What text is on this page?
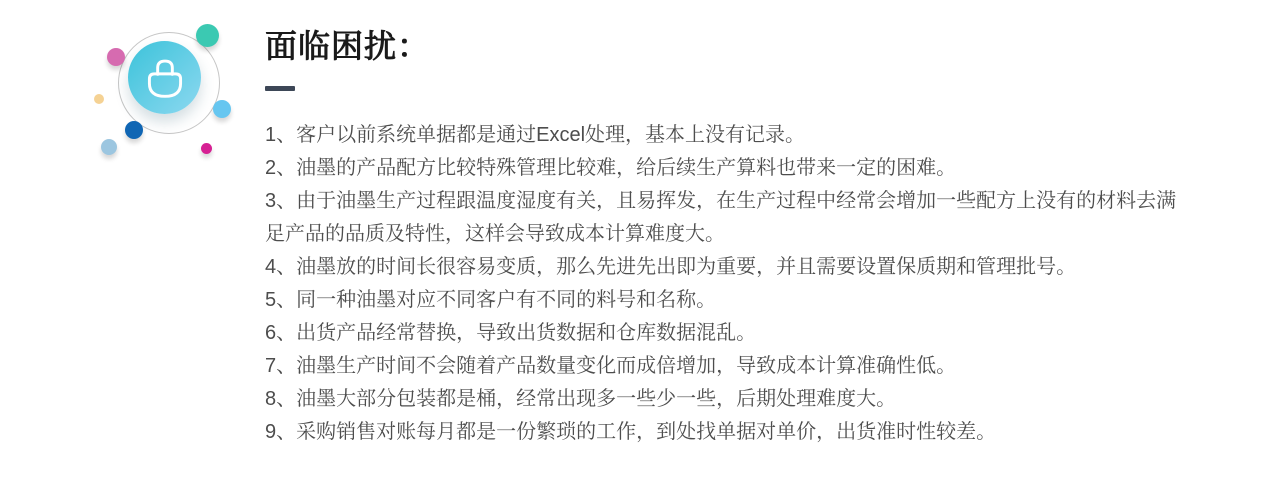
面临困扰：

1、客户以前系统单据都是通过Excel处理，基本上没有记录。

2、油墨的产品配方比较特殊管理比较难，给后续生产算料也带来一定的困难。

3、由于油墨生产过程跟温度湿度有关，且易挥发，在生产过程中经常会增加一些配方上没有的材料去满足产品的品质及特性，这样会导致成本计算难度大。

4、油墨放的时间长很容易变质，那么先进先出即为重要，并且需要设置保质期和管理批号。

5、同一种油墨对应不同客户有不同的料号和名称。

6、出货产品经常替换，导致出货数据和仓库数据混乱。

7、油墨生产时间不会随着产品数量变化而成倍增加，导致成本计算准确性低。

8、油墨大部分包装都是桶，经常出现多一些少一些，后期处理难度大。

9、采购销售对账每月都是一份繁琐的工作，到处找单据对单价，出货准时性较差。
